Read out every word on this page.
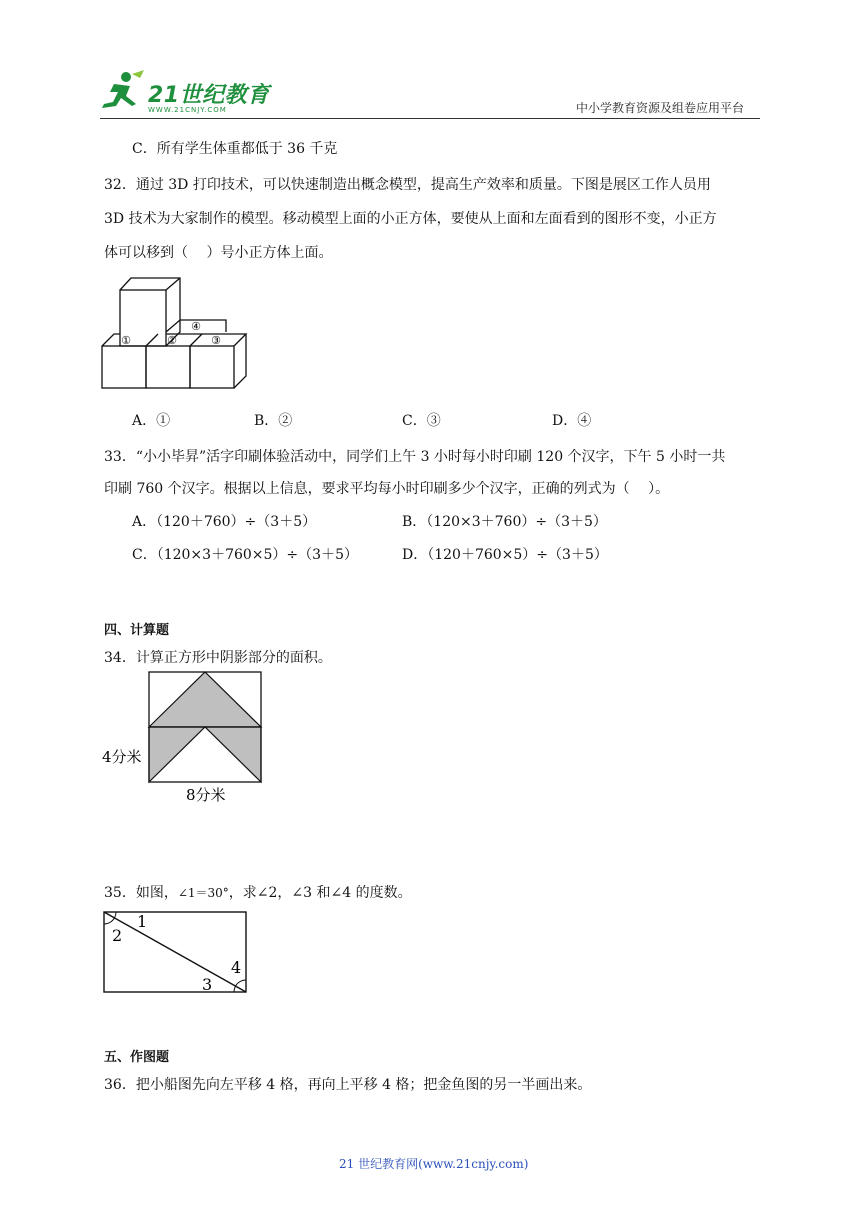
21世纪教育
WWW.21CNJY.COM	中小学教育资源及组卷应用平台
C．所有学生体重都低于 36 千克
32．通过 3D 打印技术，可以快速制造出概念模型，提高生产效率和质量。下图是展区工作人员用
3D 技术为大家制作的模型。移动模型上面的小正方体，要使从上面和左面看到的图形不变，小正方
体可以移到（　 ）号小正方体上面。
①	②	③
④
A．①	B．②	C．③	D．④
33．“小小毕昇”活字印刷体验活动中，同学们上午 3 小时每小时印刷 120 个汉字，下午 5 小时一共
印刷 760 个汉字。根据以上信息，要求平均每小时印刷多少个汉字，正确的列式为（　 ）。
A．（120＋760）÷（3＋5）	B．（120×3＋760）÷（3＋5）
C．（120×3＋760×5）÷（3＋5）	D．（120＋760×5）÷（3＋5）
四、计算题
34．计算正方形中阴影部分的面积。
4分米
8分米
35．如图，∠1＝30°，求∠2，∠3 和∠4 的度数。
1
2
3
4
五、作图题
36．把小船图先向左平移 4 格，再向上平移 4 格；把金鱼图的另一半画出来。
21 世纪教育网(www.21cnjy.com)
